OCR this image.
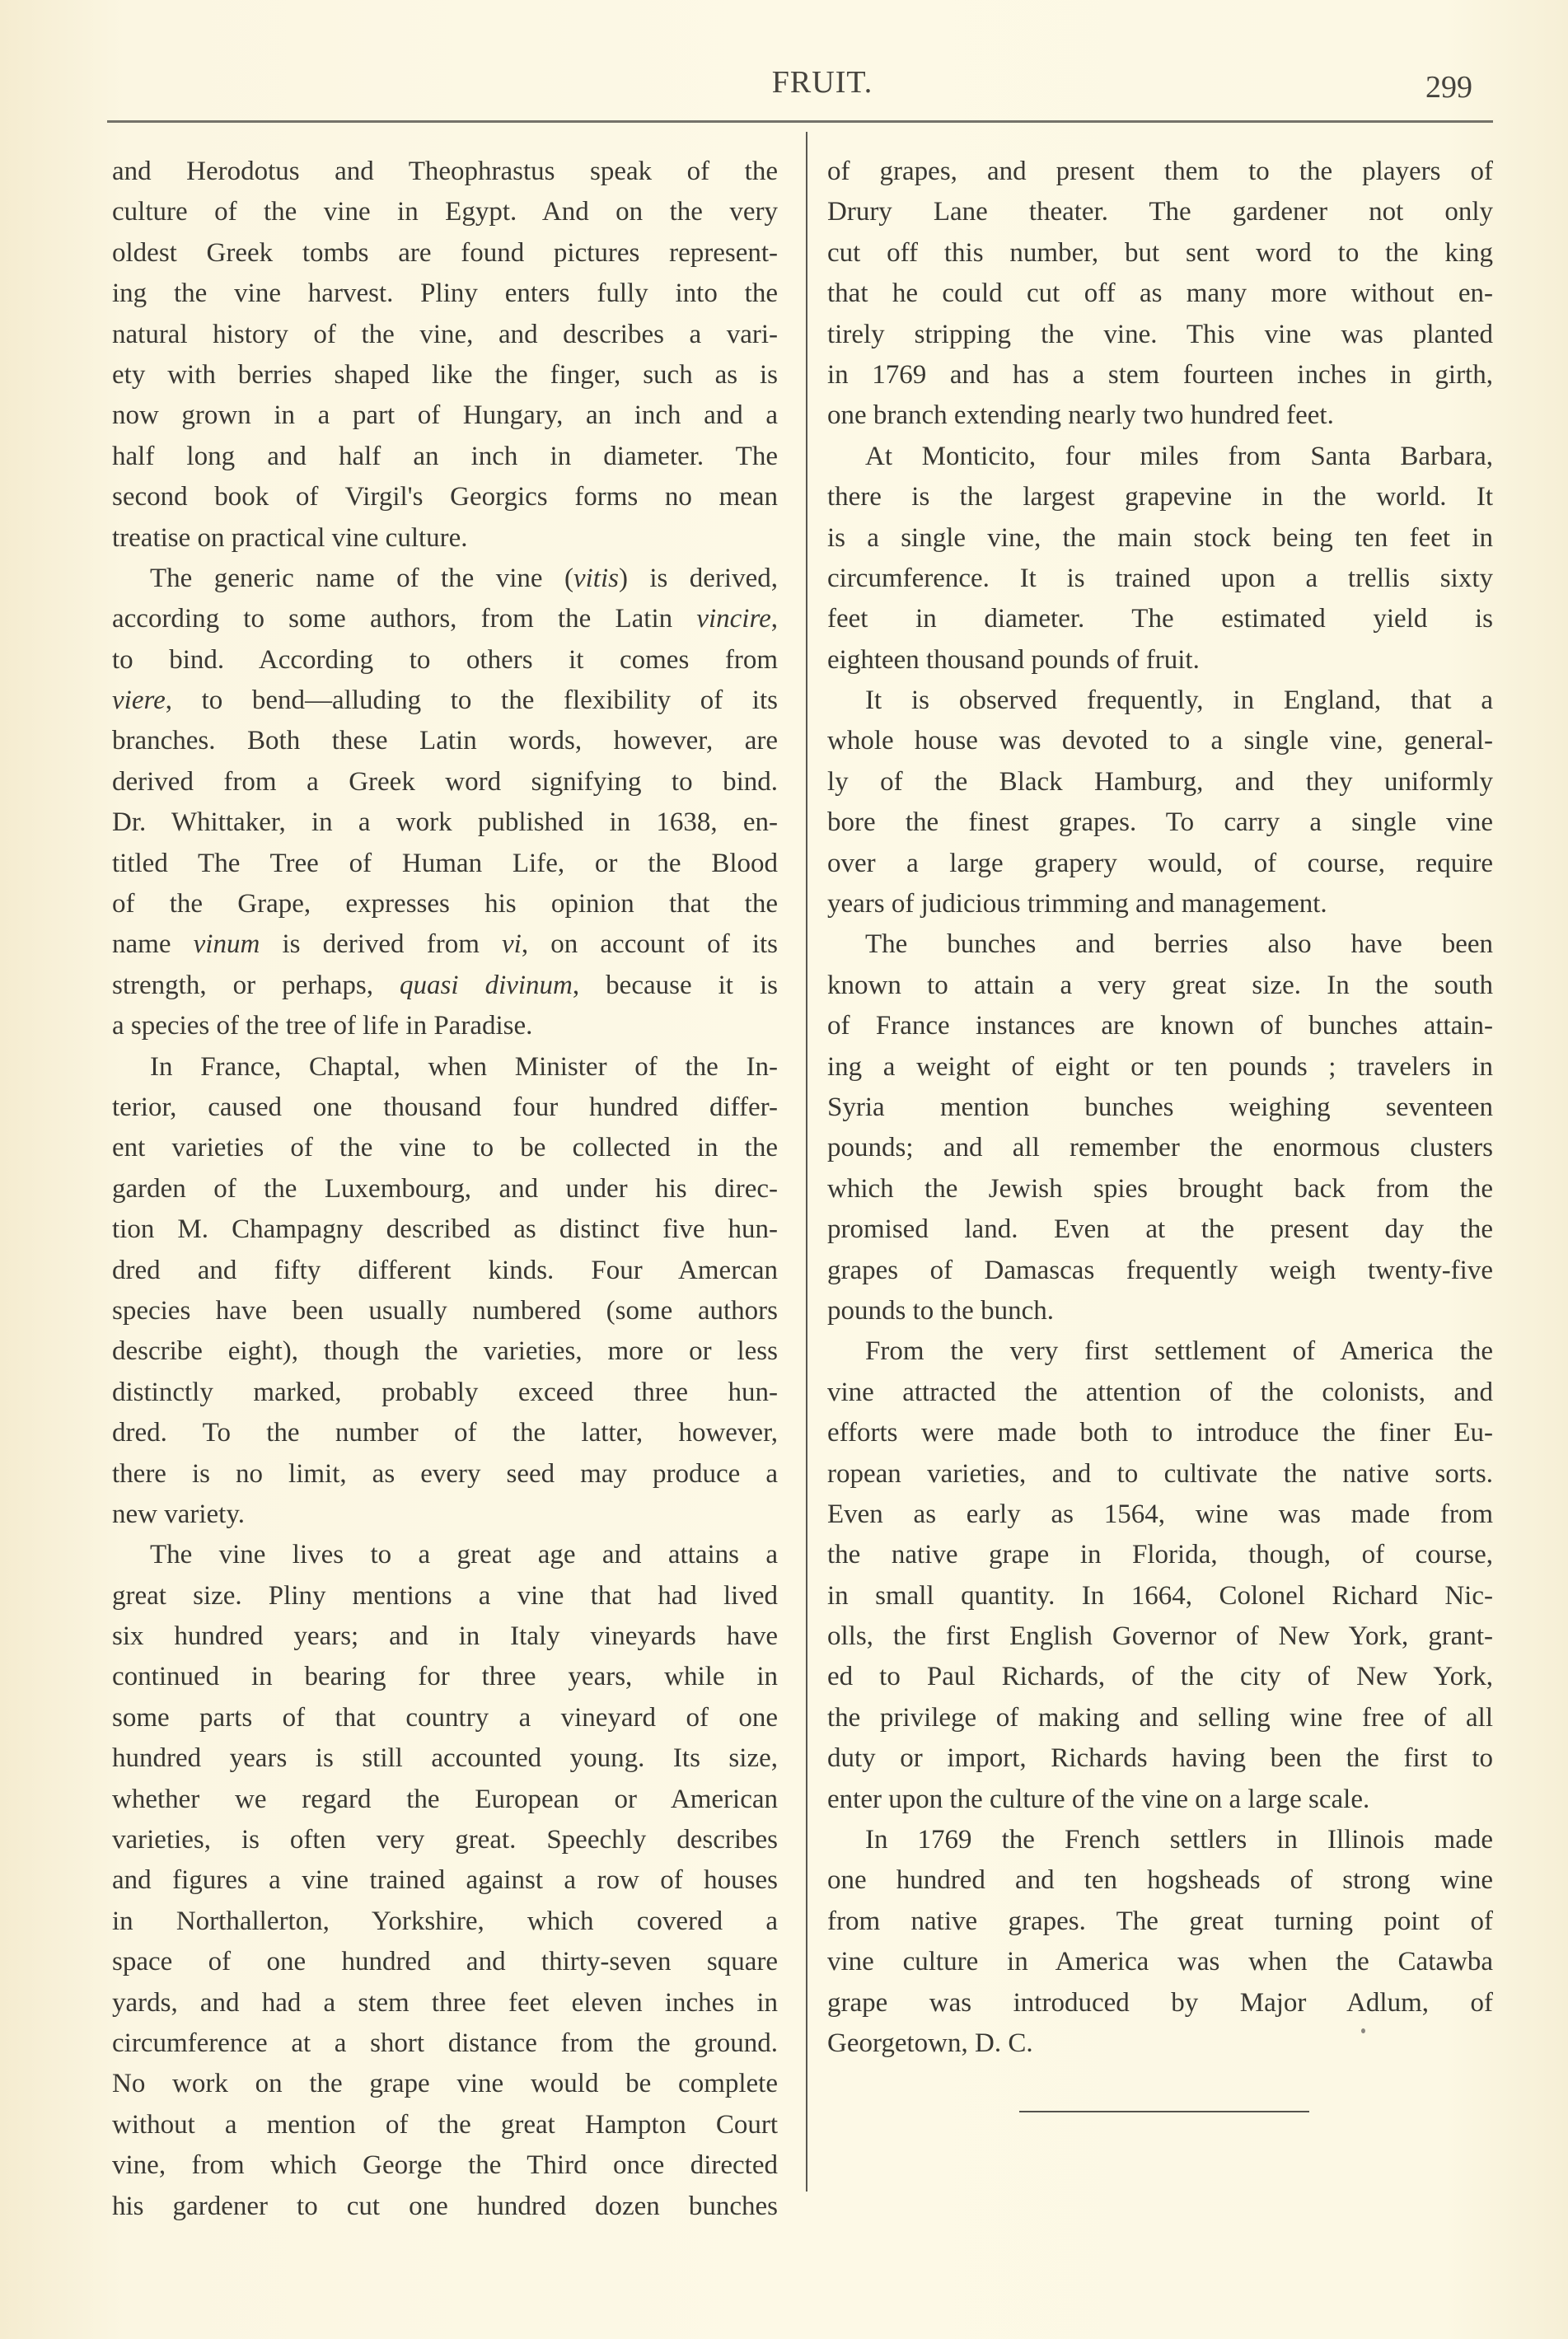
FRUIT.	299
and Herodotus and Theophrastus speak of the
culture of the vine in Egypt. And on the very
oldest Greek tombs are found pictures represent-
ing the vine harvest. Pliny enters fully into the
natural history of the vine, and describes a vari-
ety with berries shaped like the finger, such as is
now grown in a part of Hungary, an inch and a
half long and half an inch in diameter. The
second book of Virgil's Georgics forms no mean
treatise on practical vine culture.
The generic name of the vine (vitis) is derived,
according to some authors, from the Latin vincire,
to bind. According to others it comes from
viere, to bend—alluding to the flexibility of its
branches. Both these Latin words, however, are
derived from a Greek word signifying to bind.
Dr. Whittaker, in a work published in 1638, en-
titled The Tree of Human Life, or the Blood
of the Grape, expresses his opinion that the
name vinum is derived from vi, on account of its
strength, or perhaps, quasi divinum, because it is
a species of the tree of life in Paradise.
In France, Chaptal, when Minister of the In-
terior, caused one thousand four hundred differ-
ent varieties of the vine to be collected in the
garden of the Luxembourg, and under his direc-
tion M. Champagny described as distinct five hun-
dred and fifty different kinds. Four Amercan
species have been usually numbered (some authors
describe eight), though the varieties, more or less
distinctly marked, probably exceed three hun-
dred. To the number of the latter, however,
there is no limit, as every seed may produce a
new variety.
The vine lives to a great age and attains a
great size. Pliny mentions a vine that had lived
six hundred years; and in Italy vineyards have
continued in bearing for three years, while in
some parts of that country a vineyard of one
hundred years is still accounted young. Its size,
whether we regard the European or American
varieties, is often very great. Speechly describes
and figures a vine trained against a row of houses
in Northallerton, Yorkshire, which covered a
space of one hundred and thirty-seven square
yards, and had a stem three feet eleven inches in
circumference at a short distance from the ground.
No work on the grape vine would be complete
without a mention of the great Hampton Court
vine, from which George the Third once directed
his gardener to cut one hundred dozen bunches
of grapes, and present them to the players of
Drury Lane theater. The gardener not only
cut off this number, but sent word to the king
that he could cut off as many more without en-
tirely stripping the vine. This vine was planted
in 1769 and has a stem fourteen inches in girth,
one branch extending nearly two hundred feet.
At Monticito, four miles from Santa Barbara,
there is the largest grapevine in the world. It
is a single vine, the main stock being ten feet in
circumference. It is trained upon a trellis sixty
feet in diameter. The estimated yield is
eighteen thousand pounds of fruit.
It is observed frequently, in England, that a
whole house was devoted to a single vine, general-
ly of the Black Hamburg, and they uniformly
bore the finest grapes. To carry a single vine
over a large grapery would, of course, require
years of judicious trimming and management.
The bunches and berries also have been
known to attain a very great size. In the south
of France instances are known of bunches attain-
ing a weight of eight or ten pounds ; travelers in
Syria mention bunches weighing seventeen
pounds; and all remember the enormous clusters
which the Jewish spies brought back from the
promised land. Even at the present day the
grapes of Damascas frequently weigh twenty-five
pounds to the bunch.
From the very first settlement of America the
vine attracted the attention of the colonists, and
efforts were made both to introduce the finer Eu-
ropean varieties, and to cultivate the native sorts.
Even as early as 1564, wine was made from
the native grape in Florida, though, of course,
in small quantity. In 1664, Colonel Richard Nic-
olls, the first English Governor of New York, grant-
ed to Paul Richards, of the city of New York,
the privilege of making and selling wine free of all
duty or import, Richards having been the first to
enter upon the culture of the vine on a large scale.
In 1769 the French settlers in Illinois made
one hundred and ten hogsheads of strong wine
from native grapes. The great turning point of
vine culture in America was when the Catawba
grape was introduced by Major Adlum, of
Georgetown, D. C.
